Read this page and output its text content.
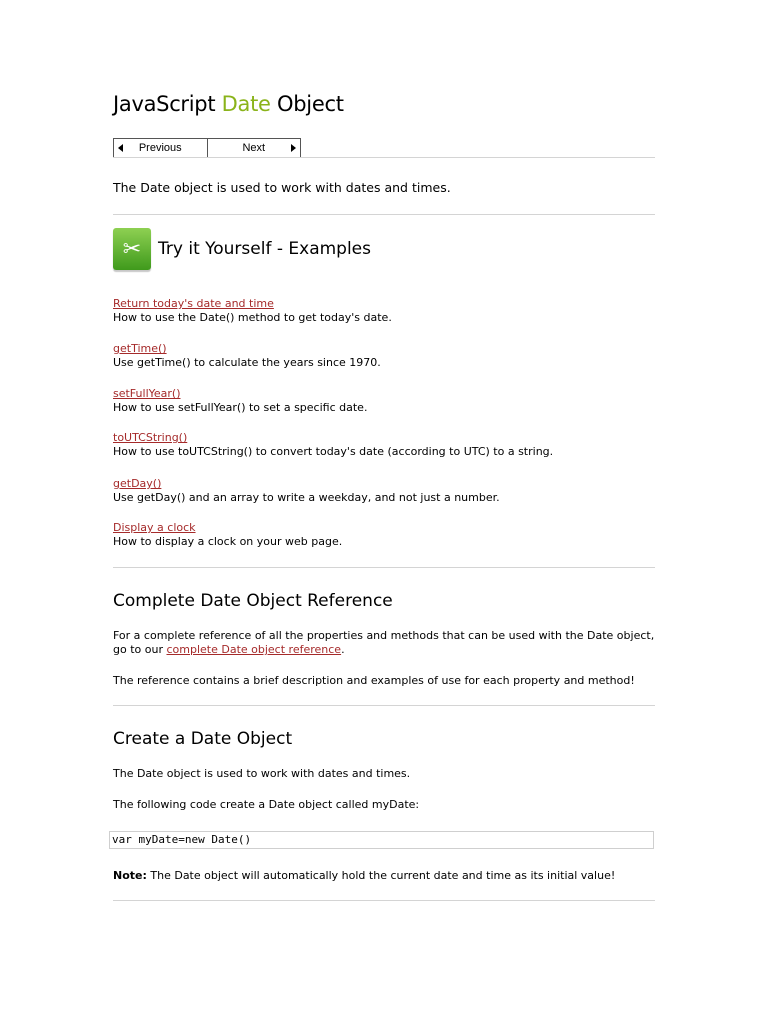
JavaScript Date Object
Previous	Next

The Date object is used to work with dates and times.

✂ Try it Yourself - Examples
Return today's date and time
How to use the Date() method to get today's date.
getTime()
Use getTime() to calculate the years since 1970.
setFullYear()
How to use setFullYear() to set a specific date.
toUTCString()
How to use toUTCString() to convert today's date (according to UTC) to a string.
getDay()
Use getDay() and an array to write a weekday, and not just a number.
Display a clock
How to display a clock on your web page.
Complete Date Object Reference

For a complete reference of all the properties and methods that can be used with the Date object,
go to our complete Date object reference.

The reference contains a brief description and examples of use for each property and method!

Create a Date Object

The Date object is used to work with dates and times.

The following code create a Date object called myDate:

var myDate=new Date()

Note: The Date object will automatically hold the current date and time as its initial value!
